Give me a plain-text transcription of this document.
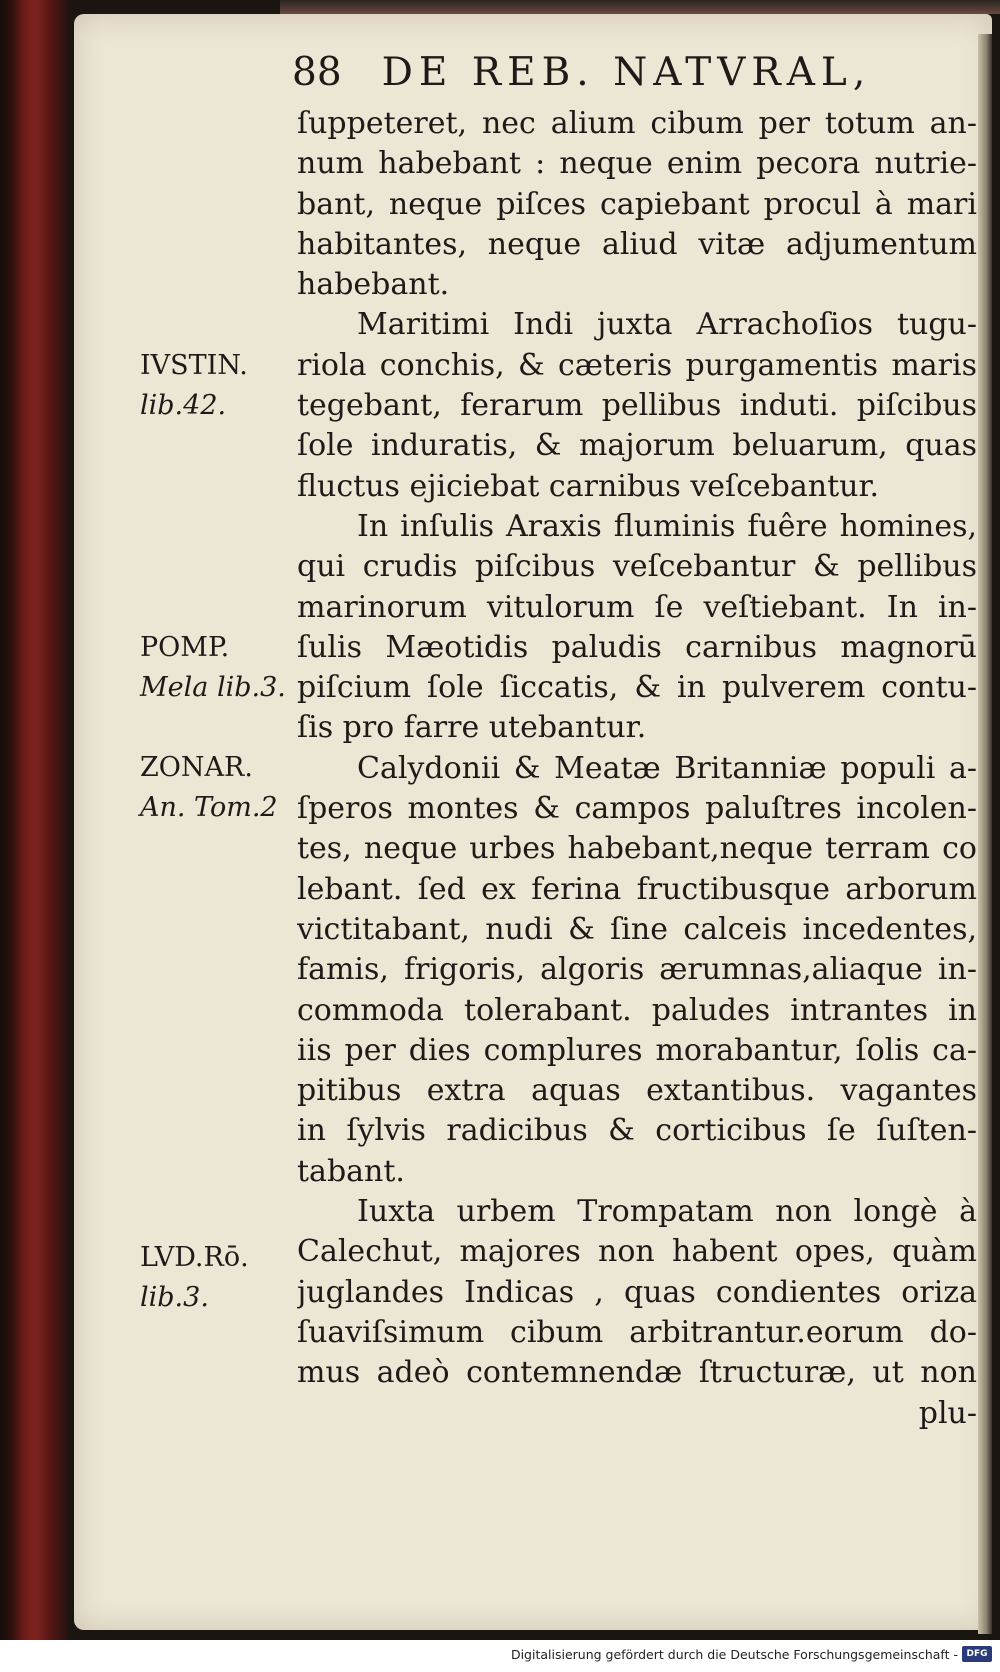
88 DE REB. NATVRAL,
ſuppeteret, nec alium cibum per totum an-
num habebant : neque enim pecora nutrie-
bant, neque piſces capiebant procul à mari
habitantes, neque aliud vitæ adjumentum
habebant.
Maritimi Indi juxta Arrachoſios tugu-
riola conchis, & cæteris purgamentis maris
tegebant, ferarum pellibus induti. piſcibus
ſole induratis, & majorum beluarum, quas
fluctus ejiciebat carnibus veſcebantur.
In inſulis Araxis fluminis fuêre homines,
qui crudis piſcibus veſcebantur & pellibus
marinorum vitulorum ſe veſtiebant. In in-
ſulis Mæotidis paludis carnibus magnorū
piſcium ſole ſiccatis, & in pulverem contu-
ſis pro farre utebantur.
Calydonii & Meatæ Britanniæ populi a-
ſperos montes & campos paluſtres incolen-
tes, neque urbes habebant,neque terram co
lebant. ſed ex ferina fructibusque arborum
victitabant, nudi & ſine calceis incedentes,
famis, frigoris, algoris ærumnas,aliaque in-
commoda tolerabant. paludes intrantes in
iis per dies complures morabantur, ſolis ca-
pitibus extra aquas extantibus. vagantes
in ſylvis radicibus & corticibus ſe ſuſten-
tabant.
Iuxta urbem Trompatam non longè à
Calechut, majores non habent opes, quàm
juglandes Indicas , quas condientes oriza
ſuaviſsimum cibum arbitrantur.eorum do-
mus adeò contemnendæ ſtructuræ, ut non
plu-
IVSTIN.
lib.42.
POMP.
Mela lib.3.
ZONAR.
An. Tom.2
LVD.Rō.
lib.3.
Digitalisierung gefördert durch die Deutsche Forschungsgemeinschaft - DFG
